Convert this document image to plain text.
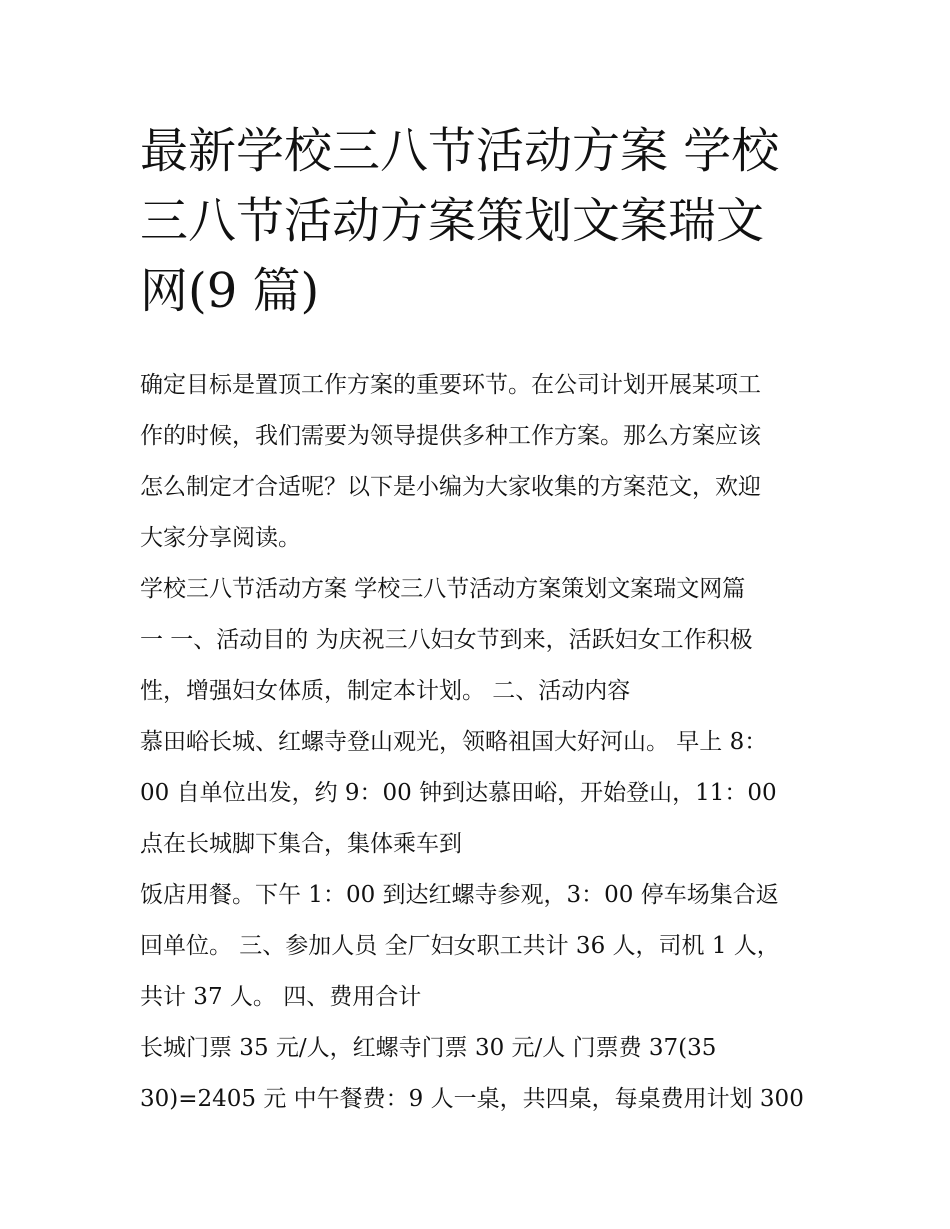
最新学校三八节活动方案 学校
三八节活动方案策划文案瑞文
网(9 篇)
确定目标是置顶工作方案的重要环节。在公司计划开展某项工
作的时候，我们需要为领导提供多种工作方案。那么方案应该
怎么制定才合适呢？以下是小编为大家收集的方案范文，欢迎
大家分享阅读。
学校三八节活动方案 学校三八节活动方案策划文案瑞文网篇
一 一、活动目的 为庆祝三八妇女节到来，活跃妇女工作积极
性，增强妇女体质，制定本计划。 二、活动内容
慕田峪长城、红螺寺登山观光，领略祖国大好河山。 早上 8：
00 自单位出发，约 9：00 钟到达慕田峪，开始登山，11：00
点在长城脚下集合，集体乘车到
饭店用餐。下午 1：00 到达红螺寺参观，3：00 停车场集合返
回单位。 三、参加人员 全厂妇女职工共计 36 人，司机 1 人，
共计 37 人。 四、费用合计
长城门票 35 元/人，红螺寺门票 30 元/人 门票费 37(35
30)=2405 元 中午餐费：9 人一桌，共四桌，每桌费用计划 300
